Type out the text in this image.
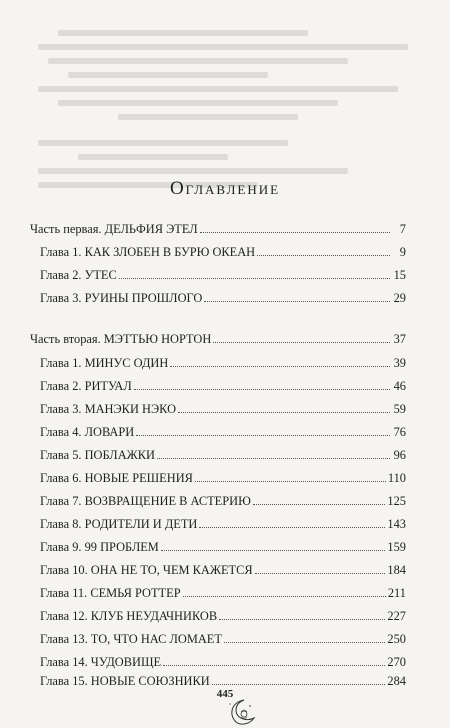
Оглавление
Часть первая. ДЕЛЬФИЯ ЭТЕЛ	7
Глава 1. КАК ЗЛОБЕН В БУРЮ ОКЕАН	9
Глава 2. УТЕС	15
Глава 3. РУИНЫ ПРОШЛОГО	29
Часть вторая. МЭТТЬЮ НОРТОН	37
Глава 1. МИНУС ОДИН	39
Глава 2. РИТУАЛ	46
Глава 3. МАНЭКИ НЭКО	59
Глава 4. ЛОВАРИ	76
Глава 5. ПОБЛАЖКИ	96
Глава 6. НОВЫЕ РЕШЕНИЯ	110
Глава 7. ВОЗВРАЩЕНИЕ В АСТЕРИЮ	125
Глава 8. РОДИТЕЛИ И ДЕТИ	143
Глава 9. 99 ПРОБЛЕМ	159
Глава 10. ОНА НЕ ТО, ЧЕМ КАЖЕТСЯ	184
Глава 11. СЕМЬЯ РОТТЕР	211
Глава 12. КЛУБ НЕУДАЧНИКОВ	227
Глава 13. ТО, ЧТО НАС ЛОМАЕТ	250
Глава 14. ЧУДОВИЩЕ	270
Глава 15. НОВЫЕ СОЮЗНИКИ	284
445
